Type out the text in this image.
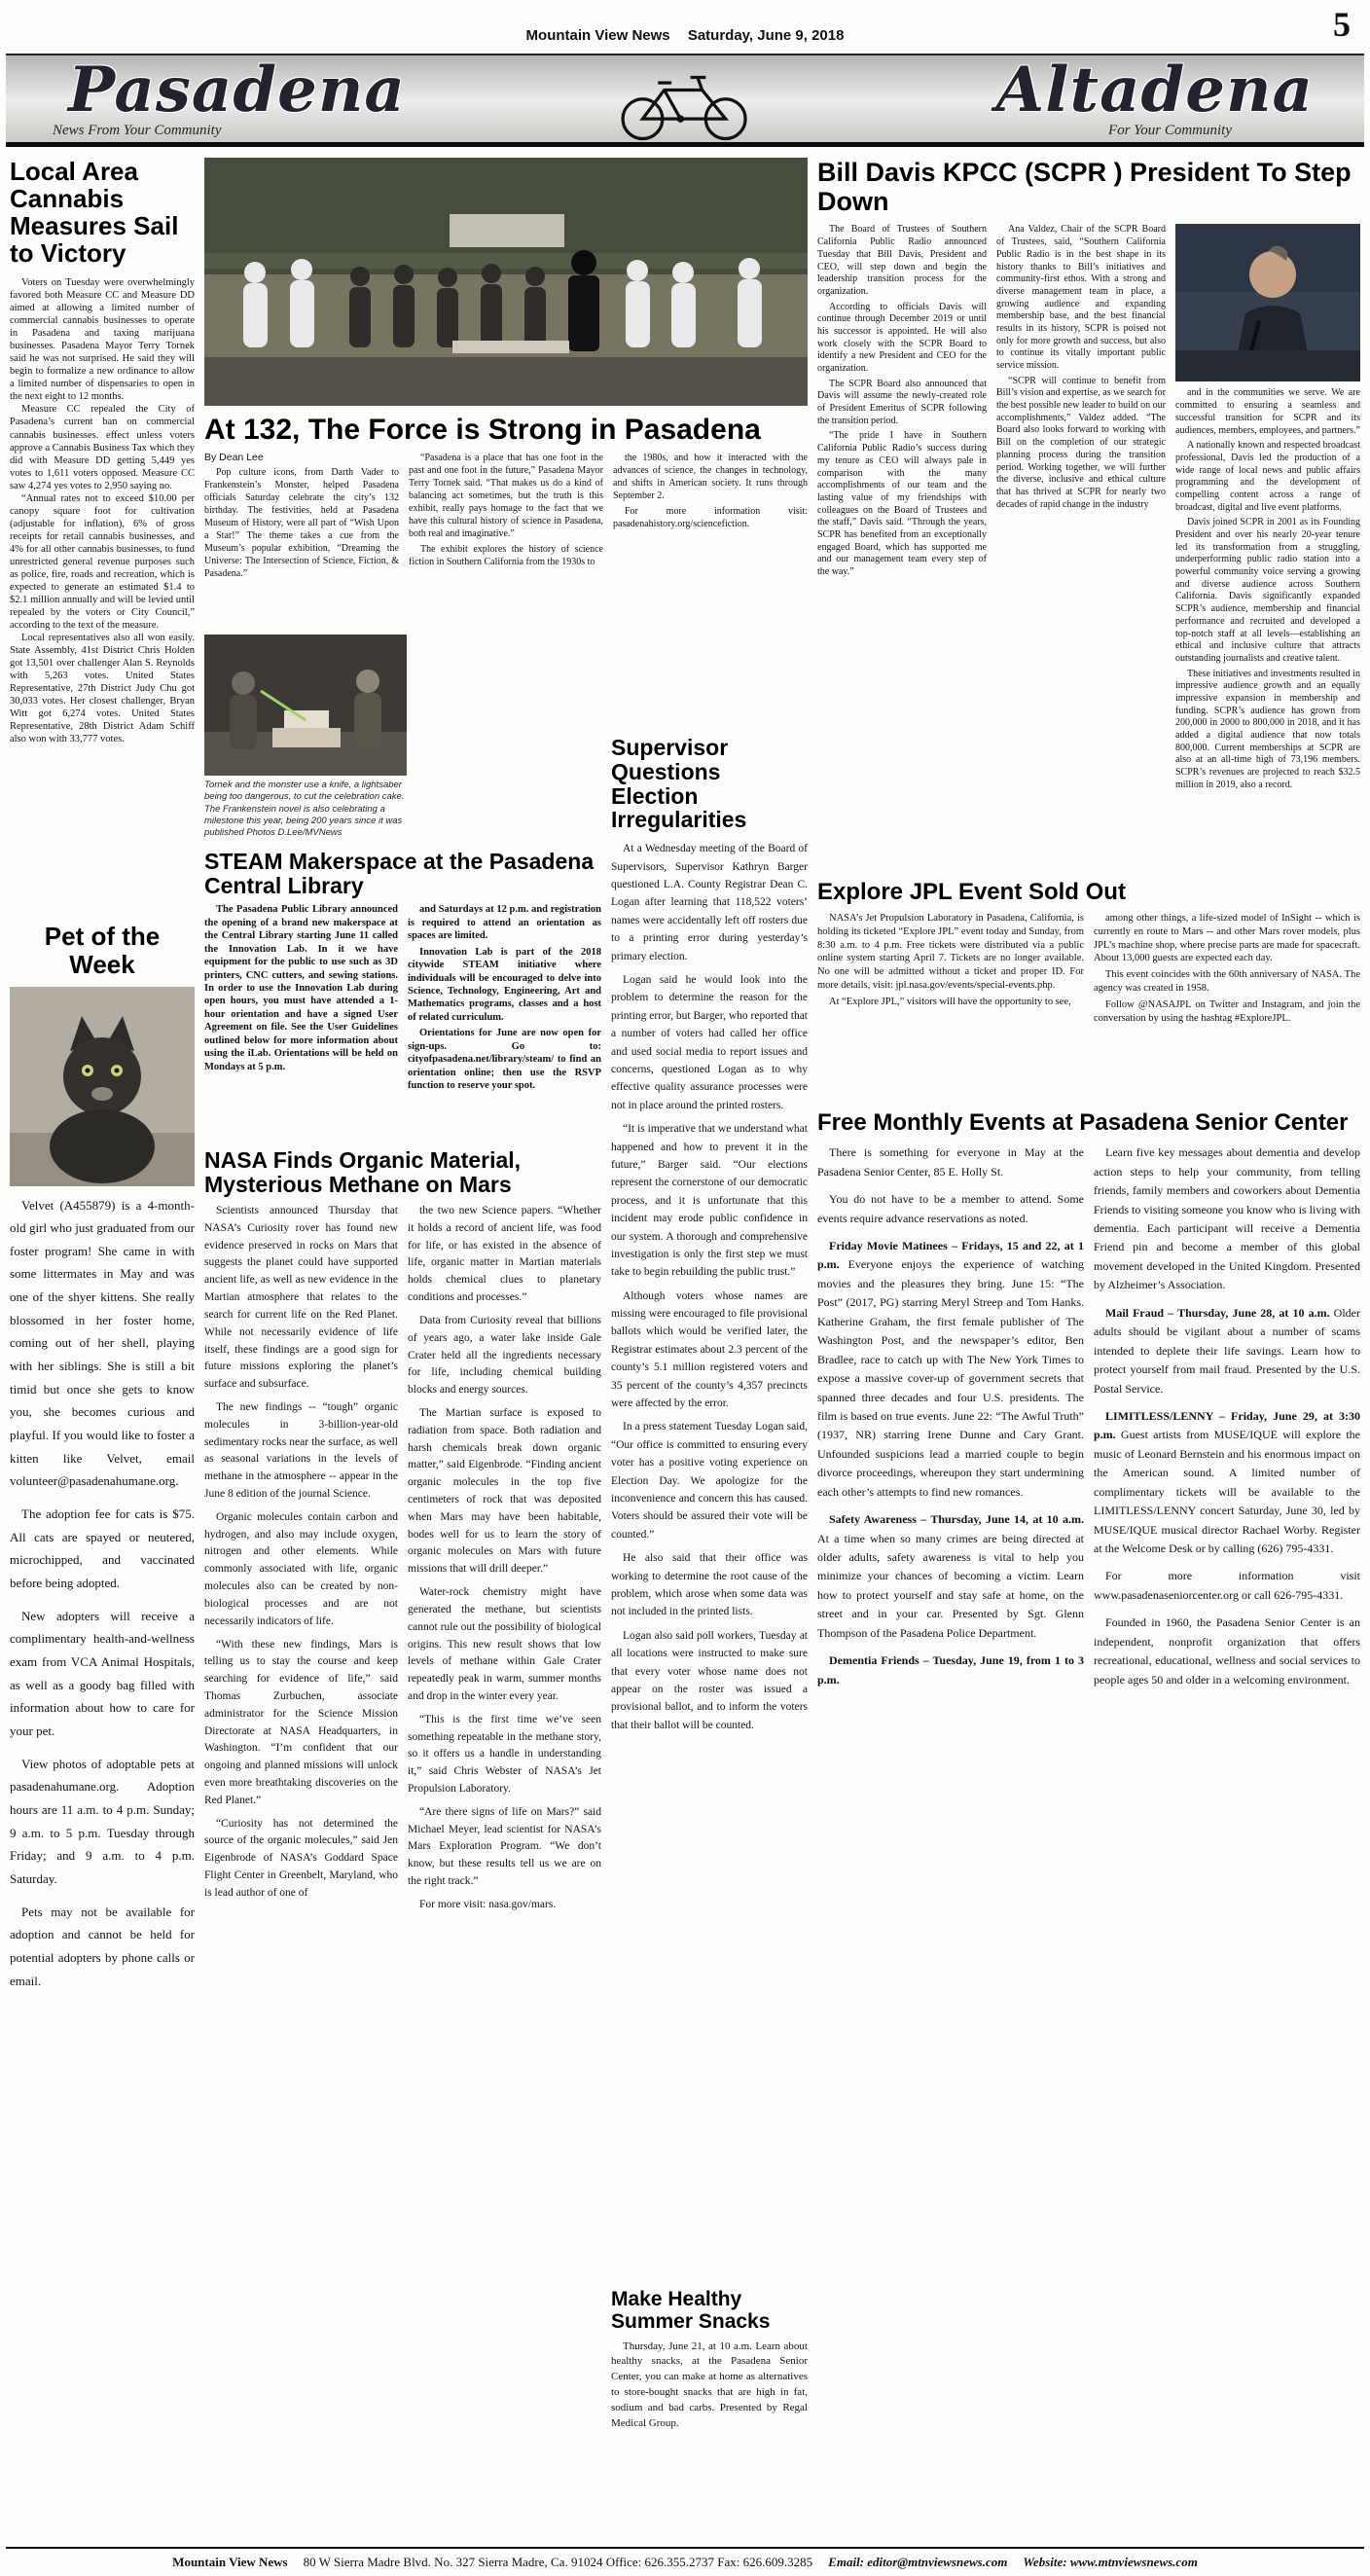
5
Mountain View News Saturday, June 9, 2018
Pasadena	Altadena
News From Your Community	For Your Community
Local Area Cannabis Measures Sail to Victory

Voters on Tuesday were overwhelmingly favored both Measure CC and Measure DD aimed at allowing a limited number of commercial cannabis businesses to operate in Pasadena and taxing marijuana businesses. Pasadena Mayor Terry Tornek said he was not surprised. He said they will begin to formalize a new ordinance to allow a limited number of dispensaries to open in the next eight to 12 months.

Measure CC repealed the City of Pasadena’s current ban on commercial cannabis businesses. effect unless voters approve a Cannabis Business Tax which they did with Measure DD getting 5,449 yes votes to 1,611 voters opposed. Measure CC saw 4,274 yes votes to 2,950 saying no.

“Annual rates not to exceed $10.00 per canopy square foot for cultivation (adjustable for inflation), 6% of gross receipts for retail cannabis businesses, and 4% for all other cannabis businesses, to fund unrestricted general revenue purposes such as police, fire, roads and recreation, which is expected to generate an estimated $1.4 to $2.1 million annually and will be levied until repealed by the voters or City Council,” according to the text of the measure.

Local representatives also all won easily. State Assembly, 41st District Chris Holden got 13,501 over challenger Alan S. Reynolds with 5,263 votes. United States Representative, 27th District Judy Chu got 30,033 votes. Her closest challenger, Bryan Witt got 6,274 votes. United States Representative, 28th District Adam Schiff also won with 33,777 votes.

Pet of the Week

Velvet (A455879) is a 4-month-old girl who just graduated from our foster program! She came in with some littermates in May and was one of the shyer kittens. She really blossomed in her foster home, coming out of her shell, playing with her siblings. She is still a bit timid but once she gets to know you, she becomes curious and playful. If you would like to foster a kitten like Velvet, email volunteer@pasadenahumane.org.

The adoption fee for cats is $75. All cats are spayed or neutered, microchipped, and vaccinated before being adopted.

New adopters will receive a complimentary health-and-wellness exam from VCA Animal Hospitals, as well as a goody bag filled with information about how to care for your pet.

View photos of adoptable pets at pasadenahumane.org. Adoption hours are 11 a.m. to 4 p.m. Sunday; 9 a.m. to 5 p.m. Tuesday through Friday; and 9 a.m. to 4 p.m. Saturday.

Pets may not be available for adoption and cannot be held for potential adopters by phone calls or email.

At 132, The Force is Strong in Pasadena
By Dean Lee

Pop culture icons, from Darth Vader to Frankenstein’s Monster, helped Pasadena officials Saturday celebrate the city’s 132 birthday. The festivities, held at Pasadena Museum of History, were all part of “Wish Upon a Star!” The theme takes a cue from the Museum’s popular exhibition, “Dreaming the Universe: The Intersection of Science, Fiction, & Pasadena.”

“Pasadena is a place that has one foot in the past and one foot in the future,” Pasadena Mayor Terry Tornek said. “That makes us do a kind of balancing act sometimes, but the truth is this exhibit, really pays homage to the fact that we have this cultural history of science in Pasadena, both real and imaginative.”

The exhibit explores the history of science fiction in Southern California from the 1930s to

the 1980s, and how it interacted with the advances of science, the changes in technology, and shifts in American society. It runs through September 2.

For more information visit: pasadenahistory.org/sciencefiction.

Tornek and the monster use a knife, a lightsaber being too dangerous, to cut the celebration cake. The Frankenstein novel is also celebrating a milestone this year, being 200 years since it was published Photos D.Lee/MVNews
STEAM Makerspace at the Pasadena Central Library

The Pasadena Public Library announced the opening of a brand new makerspace at the Central Library starting June 11 called the Innovation Lab. In it we have equipment for the public to use such as 3D printers, CNC cutters, and sewing stations. In order to use the Innovation Lab during open hours, you must have attended a 1-hour orientation and have a signed User Agreement on file. See the User Guidelines outlined below for more information about using the iLab. Orientations will be held on Mondays at 5 p.m.

and Saturdays at 12 p.m. and registration is required to attend an orientation as spaces are limited.

Innovation Lab is part of the 2018 citywide STEAM initiative where individuals will be encouraged to delve into Science, Technology, Engineering, Art and Mathematics programs, classes and a host of related curriculum.

Orientations for June are now open for sign-ups. Go to: cityofpasadena.net/library/steam/ to find an orientation online; then use the RSVP function to reserve your spot.

NASA Finds Organic Material, Mysterious Methane on Mars

Scientists announced Thursday that NASA’s Curiosity rover has found new evidence preserved in rocks on Mars that suggests the planet could have supported ancient life, as well as new evidence in the Martian atmosphere that relates to the search for current life on the Red Planet. While not necessarily evidence of life itself, these findings are a good sign for future missions exploring the planet’s surface and subsurface.

The new findings -- “tough” organic molecules in 3-billion-year-old sedimentary rocks near the surface, as well as seasonal variations in the levels of methane in the atmosphere -- appear in the June 8 edition of the journal Science.

Organic molecules contain carbon and hydrogen, and also may include oxygen, nitrogen and other elements. While commonly associated with life, organic molecules also can be created by non-biological processes and are not necessarily indicators of life.

“With these new findings, Mars is telling us to stay the course and keep searching for evidence of life,” said Thomas Zurbuchen, associate administrator for the Science Mission Directorate at NASA Headquarters, in Washington. “I’m confident that our ongoing and planned missions will unlock even more breathtaking discoveries on the Red Planet.”

“Curiosity has not determined the source of the organic molecules,” said Jen Eigenbrode of NASA’s Goddard Space Flight Center in Greenbelt, Maryland, who is lead author of one of

the two new Science papers. “Whether it holds a record of ancient life, was food for life, or has existed in the absence of life, organic matter in Martian materials holds chemical clues to planetary conditions and processes.”

Data from Curiosity reveal that billions of years ago, a water lake inside Gale Crater held all the ingredients necessary for life, including chemical building blocks and energy sources.

The Martian surface is exposed to radiation from space. Both radiation and harsh chemicals break down organic matter,” said Eigenbrode. “Finding ancient organic molecules in the top five centimeters of rock that was deposited when Mars may have been habitable, bodes well for us to learn the story of organic molecules on Mars with future missions that will drill deeper.”

Water-rock chemistry might have generated the methane, but scientists cannot rule out the possibility of biological origins. This new result shows that low levels of methane within Gale Crater repeatedly peak in warm, summer months and drop in the winter every year.

“This is the first time we’ve seen something repeatable in the methane story, so it offers us a handle in understanding it,” said Chris Webster of NASA’s Jet Propulsion Laboratory.

“Are there signs of life on Mars?” said Michael Meyer, lead scientist for NASA’s Mars Exploration Program. “We don’t know, but these results tell us we are on the right track.”

For more visit: nasa.gov/mars.

Supervisor Questions Election Irregularities

At a Wednesday meeting of the Board of Supervisors, Supervisor Kathryn Barger questioned L.A. County Registrar Dean C. Logan after learning that 118,522 voters’ names were accidentally left off rosters due to a printing error during yesterday’s primary election.

Logan said he would look into the problem to determine the reason for the printing error, but Barger, who reported that a number of voters had called her office and used social media to report issues and concerns, questioned Logan as to why effective quality assurance processes were not in place around the printed rosters.

“It is imperative that we understand what happened and how to prevent it in the future,” Barger said. “Our elections represent the cornerstone of our democratic process, and it is unfortunate that this incident may erode public confidence in our system. A thorough and comprehensive investigation is only the first step we must take to begin rebuilding the public trust.”

Although voters whose names are missing were encouraged to file provisional ballots which would be verified later, the Registrar estimates about 2.3 percent of the county’s 5.1 million registered voters and 35 percent of the county’s 4,357 precincts were affected by the error.

In a press statement Tuesday Logan said, “Our office is committed to ensuring every voter has a positive voting experience on Election Day. We apologize for the inconvenience and concern this has caused. Voters should be assured their vote will be counted.”

He also said that their office was working to determine the root cause of the problem, which arose when some data was not included in the printed lists.

Logan also said poll workers, Tuesday at all locations were instructed to make sure that every voter whose name does not appear on the roster was issued a provisional ballot, and to inform the voters that their ballot will be counted.

Make Healthy Summer Snacks

Thursday, June 21, at 10 a.m. Learn about healthy snacks, at the Pasadena Senior Center, you can make at home as alternatives to store-bought snacks that are high in fat, sodium and bad carbs. Presented by Regal Medical Group.

Bill Davis KPCC (SCPR ) President To Step Down

The Board of Trustees of Southern California Public Radio announced Tuesday that Bill Davis, President and CEO, will step down and begin the leadership transition process for the organization.

According to officials Davis will continue through December 2019 or until his successor is appointed. He will also work closely with the SCPR Board to identify a new President and CEO for the organization.

The SCPR Board also announced that Davis will assume the newly-created role of President Emeritus of SCPR following the transition period.

“The pride I have in Southern California Public Radio’s success during my tenure as CEO will always pale in comparison with the many accomplishments of our team and the lasting value of my friendships with colleagues on the Board of Trustees and the staff,” Davis said. “Through the years, SCPR has benefited from an exceptionally engaged Board, which has supported me and our management team every step of the way.”

Ana Valdez, Chair of the SCPR Board of Trustees, said, “Southern California Public Radio is in the best shape in its history thanks to Bill’s initiatives and community-first ethos. With a strong and diverse management team in place, a growing audience and expanding membership base, and the best financial results in its history, SCPR is poised not only for more growth and success, but also to continue its vitally important public service mission.

“SCPR will continue to benefit from Bill’s vision and expertise, as we search for the best possible new leader to build on our accomplishments,” Valdez added. “The Board also looks forward to working with Bill on the completion of our strategic planning process during the transition period. Working together, we will further the diverse, inclusive and ethical culture that has thrived at SCPR for nearly two decades of rapid change in the industry

and in the communities we serve. We are committed to ensuring a seamless and successful transition for SCPR and its audiences, members, employees, and partners.”

A nationally known and respected broadcast professional, Davis led the production of a wide range of local news and public affairs programming and the development of compelling content across a range of broadcast, digital and live event platforms.

Davis joined SCPR in 2001 as its Founding President and over his nearly 20-year tenure led its transformation from a struggling, underperforming public radio station into a powerful community voice serving a growing and diverse audience across Southern California. Davis significantly expanded SCPR’s audience, membership and financial performance and recruited and developed a top-notch staff at all levels—establishing an ethical and inclusive culture that attracts outstanding journalists and creative talent.

These initiatives and investments resulted in impressive audience growth and an equally impressive expansion in membership and funding. SCPR’s audience has grown from 200,000 in 2000 to 800,000 in 2018, and it has added a digital audience that now totals 800,000. Current memberships at SCPR are also at an all-time high of 73,196 members. SCPR’s revenues are projected to reach $32.5 million in 2019, also a record.

Explore JPL Event Sold Out

NASA’s Jet Propulsion Laboratory in Pasadena, California, is holding its ticketed “Explore JPL” event today and Sunday, from 8:30 a.m. to 4 p.m. Free tickets were distributed via a public online system starting April 7. Tickets are no longer available. No one will be admitted without a ticket and proper ID. For more details, visit: jpl.nasa.gov/events/special-events.php.

At “Explore JPL,” visitors will have the opportunity to see,

among other things, a life-sized model of InSight -- which is currently en route to Mars -- and other Mars rover models, plus JPL’s machine shop, where precise parts are made for spacecraft. About 13,000 guests are expected each day.

This event coincides with the 60th anniversary of NASA. The agency was created in 1958.

Follow @NASAJPL on Twitter and Instagram, and join the conversation by using the hashtag #ExploreJPL.

Free Monthly Events at Pasadena Senior Center

There is something for everyone in May at the Pasadena Senior Center, 85 E. Holly St.

You do not have to be a member to attend. Some events require advance reservations as noted.

Friday Movie Matinees – Fridays, 15 and 22, at 1 p.m. Everyone enjoys the experience of watching movies and the pleasures they bring. June 15: “The Post” (2017, PG) starring Meryl Streep and Tom Hanks. Katherine Graham, the first female publisher of The Washington Post, and the newspaper’s editor, Ben Bradlee, race to catch up with The New York Times to expose a massive cover-up of government secrets that spanned three decades and four U.S. presidents. The film is based on true events. June 22: “The Awful Truth” (1937, NR) starring Irene Dunne and Cary Grant. Unfounded suspicions lead a married couple to begin divorce proceedings, whereupon they start undermining each other’s attempts to find new romances.

Safety Awareness – Thursday, June 14, at 10 a.m. At a time when so many crimes are being directed at older adults, safety awareness is vital to help you minimize your chances of becoming a victim. Learn how to protect yourself and stay safe at home, on the street and in your car. Presented by Sgt. Glenn Thompson of the Pasadena Police Department.

Dementia Friends – Tuesday, June 19, from 1 to 3 p.m.

Learn five key messages about dementia and develop action steps to help your community, from telling friends, family members and coworkers about Dementia Friends to visiting someone you know who is living with dementia. Each participant will receive a Dementia Friend pin and become a member of this global movement developed in the United Kingdom. Presented by Alzheimer’s Association.

Mail Fraud – Thursday, June 28, at 10 a.m. Older adults should be vigilant about a number of scams intended to deplete their life savings. Learn how to protect yourself from mail fraud. Presented by the U.S. Postal Service.

LIMITLESS/LENNY – Friday, June 29, at 3:30 p.m. Guest artists from MUSE/IQUE will explore the music of Leonard Bernstein and his enormous impact on the American sound. A limited number of complimentary tickets will be available to the LIMITLESS/LENNY concert Saturday, June 30, led by MUSE/IQUE musical director Rachael Worby. Register at the Welcome Desk or by calling (626) 795-4331.

For more information visit www.pasadenaseniorcenter.org or call 626-795-4331.

Founded in 1960, the Pasadena Senior Center is an independent, nonprofit organization that offers recreational, educational, wellness and social services to people ages 50 and older in a welcoming environment.

Mountain View News 80 W Sierra Madre Blvd. No. 327 Sierra Madre, Ca. 91024 Office: 626.355.2737 Fax: 626.609.3285 Email: editor@mtnviewsnews.com Website: www.mtnviewsnews.com
